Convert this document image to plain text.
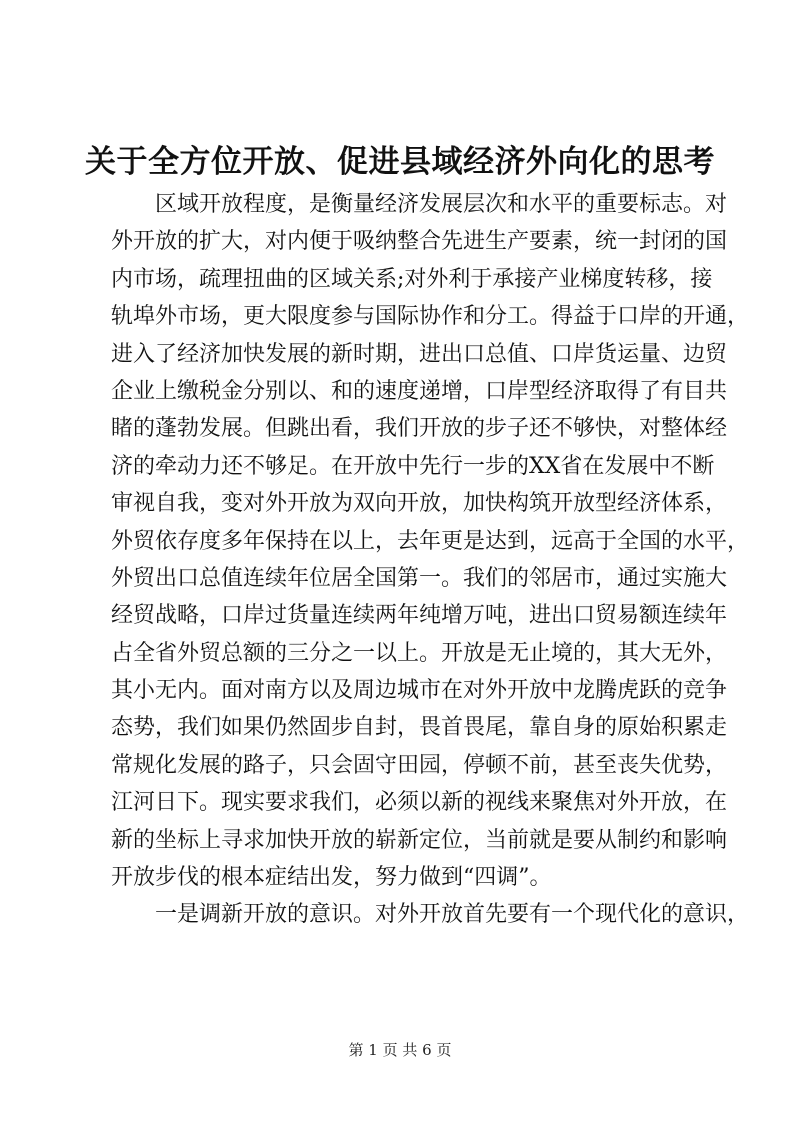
关于全方位开放、促进县域经济外向化的思考
区域开放程度，是衡量经济发展层次和水平的重要标志。对
外开放的扩大，对内便于吸纳整合先进生产要素，统一封闭的国
内市场，疏理扭曲的区域关系;对外利于承接产业梯度转移，接
轨埠外市场，更大限度参与国际协作和分工。得益于口岸的开通，
进入了经济加快发展的新时期，进出口总值、口岸货运量、边贸
企业上缴税金分别以、和的速度递增，口岸型经济取得了有目共
睹的蓬勃发展。但跳出看，我们开放的步子还不够快，对整体经
济的牵动力还不够足。在开放中先行一步的XX省在发展中不断
审视自我，变对外开放为双向开放，加快构筑开放型经济体系，
外贸依存度多年保持在以上，去年更是达到，远高于全国的水平，
外贸出口总值连续年位居全国第一。我们的邻居市，通过实施大
经贸战略，口岸过货量连续两年纯增万吨，进出口贸易额连续年
占全省外贸总额的三分之一以上。开放是无止境的，其大无外，
其小无内。面对南方以及周边城市在对外开放中龙腾虎跃的竞争
态势，我们如果仍然固步自封，畏首畏尾，靠自身的原始积累走
常规化发展的路子，只会固守田园，停顿不前，甚至丧失优势，
江河日下。现实要求我们，必须以新的视线来聚焦对外开放，在
新的坐标上寻求加快开放的崭新定位，当前就是要从制约和影响
开放步伐的根本症结出发，努力做到“四调”。
一是调新开放的意识。对外开放首先要有一个现代化的意识，
第 1 页 共 6 页
